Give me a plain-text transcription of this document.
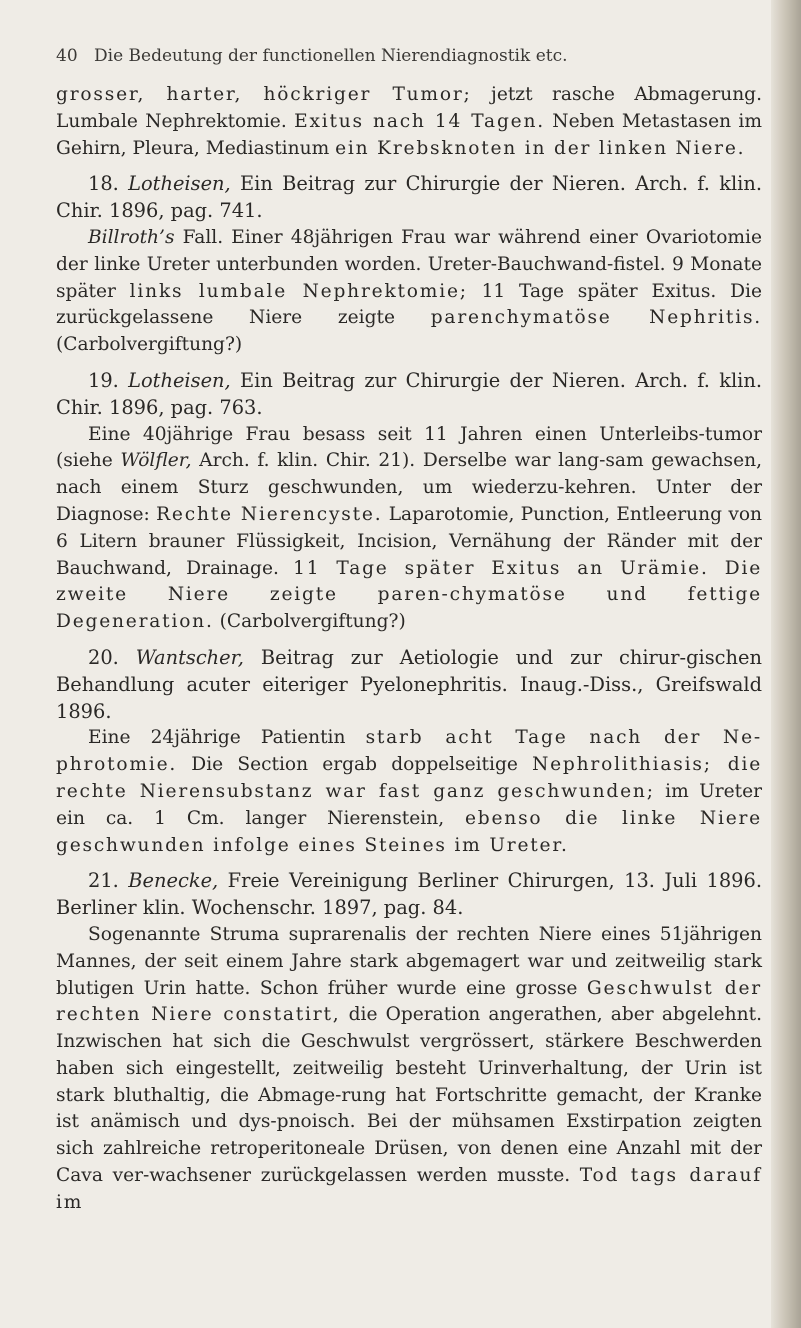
40 Die Bedeutung der functionellen Nierendiagnostik etc.

grosser, harter, höckriger Tumor; jetzt rasche Abmagerung. Lumbale Nephrektomie. Exitus nach 14 Tagen. Neben Metastasen im Gehirn, Pleura, Mediastinum ein Krebsknoten in der linken Niere.

18. Lotheisen, Ein Beitrag zur Chirurgie der Nieren. Arch. f. klin. Chir. 1896, pag. 741.

Billroth’s Fall. Einer 48jährigen Frau war während einer Ovariotomie der linke Ureter unterbunden worden. Ureter-Bauchwand-fistel. 9 Monate später links lumbale Nephrektomie; 11 Tage später Exitus. Die zurückgelassene Niere zeigte parenchymatöse Nephritis. (Carbolvergiftung?)

19. Lotheisen, Ein Beitrag zur Chirurgie der Nieren. Arch. f. klin. Chir. 1896, pag. 763.

Eine 40jährige Frau besass seit 11 Jahren einen Unterleibs-tumor (siehe Wölfler, Arch. f. klin. Chir. 21). Derselbe war lang-sam gewachsen, nach einem Sturz geschwunden, um wiederzu-kehren. Unter der Diagnose: Rechte Nierencyste. Laparotomie, Punction, Entleerung von 6 Litern brauner Flüssigkeit, Incision, Vernähung der Ränder mit der Bauchwand, Drainage. 11 Tage später Exitus an Urämie. Die zweite Niere zeigte paren-chymatöse und fettige Degeneration. (Carbolvergiftung?)

20. Wantscher, Beitrag zur Aetiologie und zur chirur-gischen Behandlung acuter eiteriger Pyelonephritis. Inaug.-Diss., Greifswald 1896.

Eine 24jährige Patientin starb acht Tage nach der Ne-phrotomie. Die Section ergab doppelseitige Nephrolithiasis; die rechte Nierensubstanz war fast ganz geschwunden; im Ureter ein ca. 1 Cm. langer Nierenstein, ebenso die linke Niere geschwunden infolge eines Steines im Ureter.

21. Benecke, Freie Vereinigung Berliner Chirurgen, 13. Juli 1896. Berliner klin. Wochenschr. 1897, pag. 84.

Sogenannte Struma suprarenalis der rechten Niere eines 51jährigen Mannes, der seit einem Jahre stark abgemagert war und zeitweilig stark blutigen Urin hatte. Schon früher wurde eine grosse Geschwulst der rechten Niere constatirt, die Operation angerathen, aber abgelehnt. Inzwischen hat sich die Geschwulst vergrössert, stärkere Beschwerden haben sich eingestellt, zeitweilig besteht Urinverhaltung, der Urin ist stark bluthaltig, die Abmage-rung hat Fortschritte gemacht, der Kranke ist anämisch und dys-pnoisch. Bei der mühsamen Exstirpation zeigten sich zahlreiche retroperitoneale Drüsen, von denen eine Anzahl mit der Cava ver-wachsener zurückgelassen werden musste. Tod tags darauf im
